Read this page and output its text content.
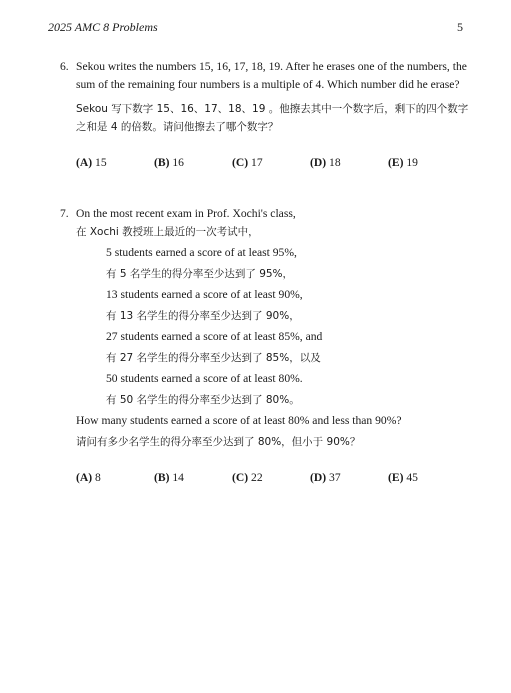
2025 AMC 8 Problems	5
6. Sekou writes the numbers 15, 16, 17, 18, 19. After he erases one of the numbers, the
sum of the remaining four numbers is a multiple of 4. Which number did he erase?
Sekou 写下数字 15、16、17、18、19 。他擦去其中一个数字后，剩下的四个数字
之和是 4 的倍数。请问他擦去了哪个数字？
(A) 15	(B) 16	(C) 17	(D) 18	(E) 19
7. On the most recent exam in Prof. Xochi's class,
在 Xochi 教授班上最近的一次考试中，
5 students earned a score of at least 95%,
有 5 名学生的得分率至少达到了 95%，
13 students earned a score of at least 90%,
有 13 名学生的得分率至少达到了 90%，
27 students earned a score of at least 85%, and
有 27 名学生的得分率至少达到了 85%，以及
50 students earned a score of at least 80%.
有 50 名学生的得分率至少达到了 80%。
How many students earned a score of at least 80% and less than 90%?
请问有多少名学生的得分率至少达到了 80%，但小于 90%？
(A) 8	(B) 14	(C) 22	(D) 37	(E) 45
